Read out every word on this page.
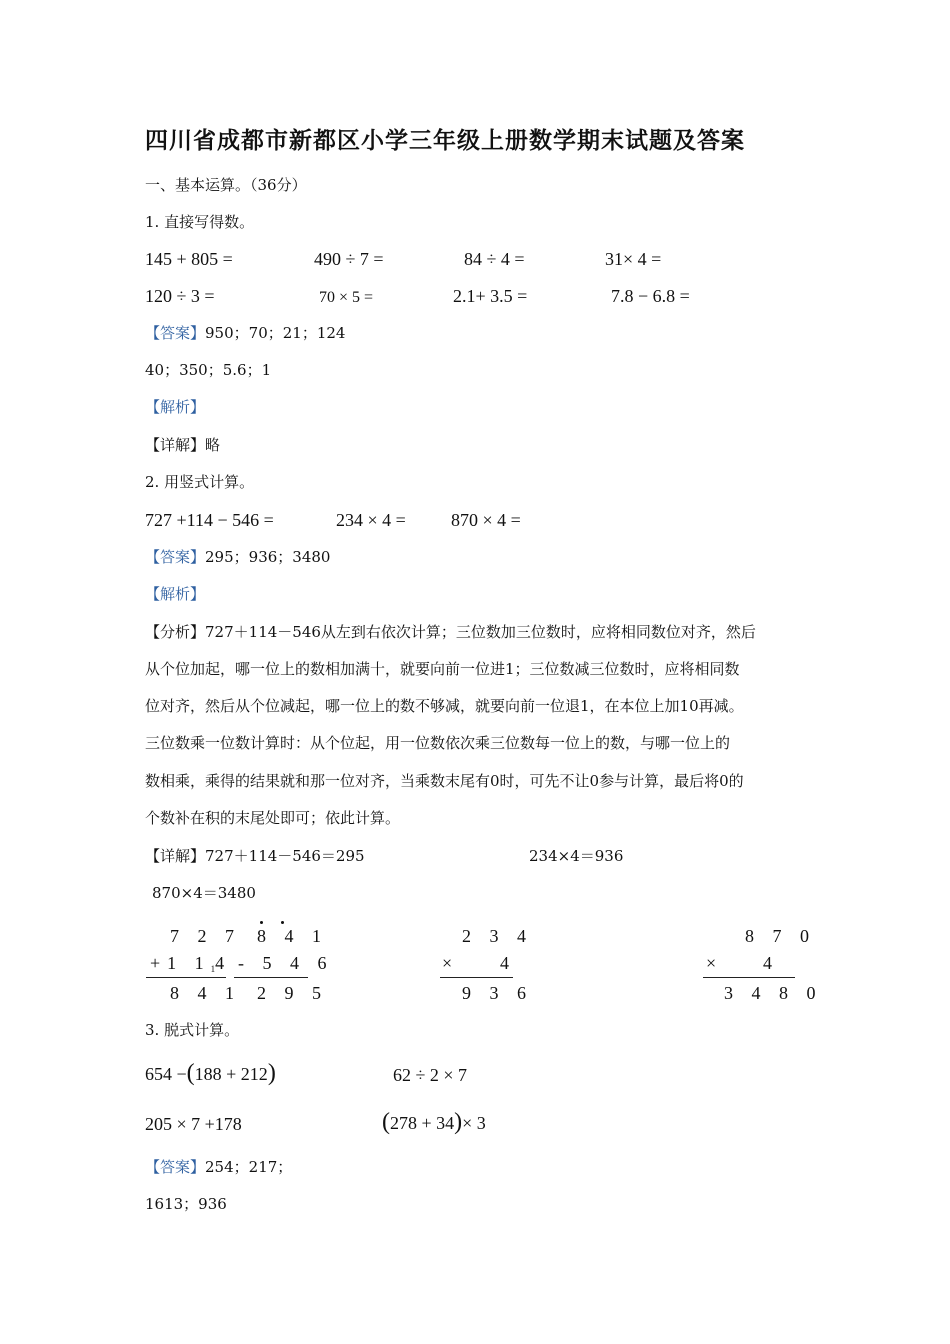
四川省成都市新都区小学三年级上册数学期末试题及答案
一、基本运算。（36分）
1. 直接写得数。
145 + 805 =	490 ÷ 7 =	84 ÷ 4 =	31× 4 =
120 ÷ 3 =	70 × 5 =	2.1+ 3.5 =	7.8 − 6.8 =
【答案】950；70；21；124
40；350；5.6；1
【解析】
【详解】略
2. 用竖式计算。
727 +114 − 546 =	234 × 4 =	870 × 4 =
【答案】295；936；3480
【解析】
【分析】727＋114－546从左到右依次计算；三位数加三位数时，应将相同数位对齐，然后
从个位加起，哪一位上的数相加满十，就要向前一位进1；三位数减三位数时，应将相同数
位对齐，然后从个位减起，哪一位上的数不够减，就要向前一位退1，在本位上加10再减。
三位数乘一位数计算时：从个位起，用一位数依次乘三位数每一位上的数，与哪一位上的
数相乘，乘得的结果就和那一位对齐，当乘数末尾有0时，可先不让0参与计算，最后将0的
个数补在积的末尾处即可；依此计算。
【详解】727＋114－546＝295	234×4＝936
870×4＝3480
7 2 7
+1 114
8 4 1
8 4 1
- 5 4 6
2 9 5
2 3 4
× 4
9 3 6
8 7 0
× 4
3 4 8 0
3. 脱式计算。
654 −(188 + 212)	62 ÷ 2 × 7
205 × 7 +178	(278 + 34)× 3
【答案】254；217；
1613；936
